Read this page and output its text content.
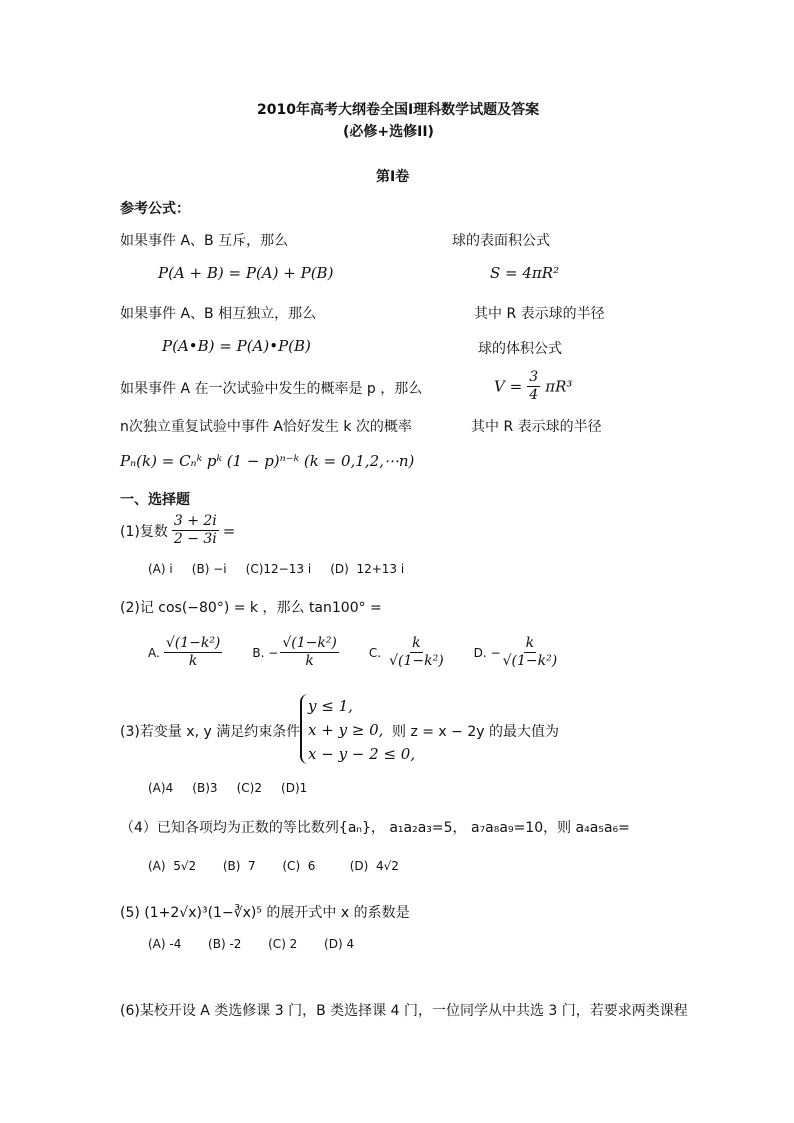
2010年高考大纲卷全国Ⅰ理科数学试题及答案
(必修+选修II)
第Ⅰ卷
参考公式：
如果事件 A、B 互斥，那么	球的表面积公式
P(A + B) = P(A) + P(B)	S = 4πR²
如果事件 A、B 相互独立，那么	其中 R 表示球的半径
P(A•B) = P(A)•P(B)	球的体积公式
如果事件 A 在一次试验中发生的概率是 p ，那么	$V = \frac{3}{4} \pi R^3$
n次独立重复试验中事件 A恰好发生 k 次的概率	其中 R 表示球的半径
Pₙ(k) = Cₙᵏ pᵏ (1 − p)ⁿ⁻ᵏ (k = 0,1,2,⋯n)
一、选择题
(1)复数 $\frac{3 + 2i}{2 - 3i}$ =
(A) i     (B) −i     (C)12−13 i     (D)  12+13 i
(2)记 cos(−80°) = k ，那么 tan100° =
A. $\frac{\text{√(1−k²)}}{k}$	B. − $\frac{\text{√(1−k²)}}{k}$	C. $\frac{k}{\text{√(1−k²)}}$	D. − $\frac{k}{\text{√(1−k²)}}$
(3)若变量 x, y 满足约束条件
y ≤ 1,
x + y ≥ 0,
x − y − 2 ≤ 0,
则 z = x − 2y 的最大值为
(A)4     (B)3     (C)2     (D)1
（4）已知各项均为正数的等比数列{aₙ}， a₁a₂a₃=5， a₇a₈a₉=10，则 a₄a₅a₆=
(A)  5√2       (B)  7       (C)  6         (D)  4√2
(5) (1+2√x)³(1−∛x)⁵ 的展开式中 x 的系数是
(A) -4       (B) -2       (C) 2       (D) 4
(6)某校开设 A 类选修课 3 门，B 类选择课 4 门，一位同学从中共选 3 门，若要求两类课程
